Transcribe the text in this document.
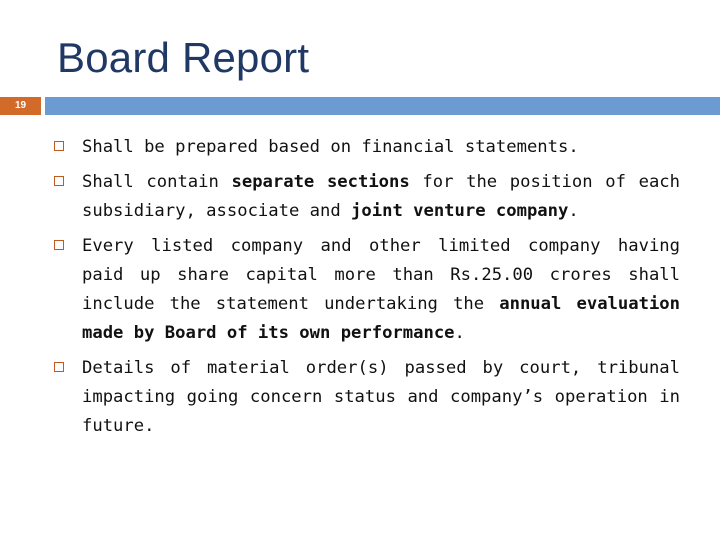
Board Report
19
Shall be prepared based on financial statements.
Shall contain separate sections for the position of each subsidiary, associate and joint venture company.
Every listed company and other limited company having paid up share capital more than Rs.25.00 crores shall include the statement undertaking the annual evaluation made by Board of its own performance.
Details of material order(s) passed by court, tribunal impacting going concern status and company’s operation in future.
